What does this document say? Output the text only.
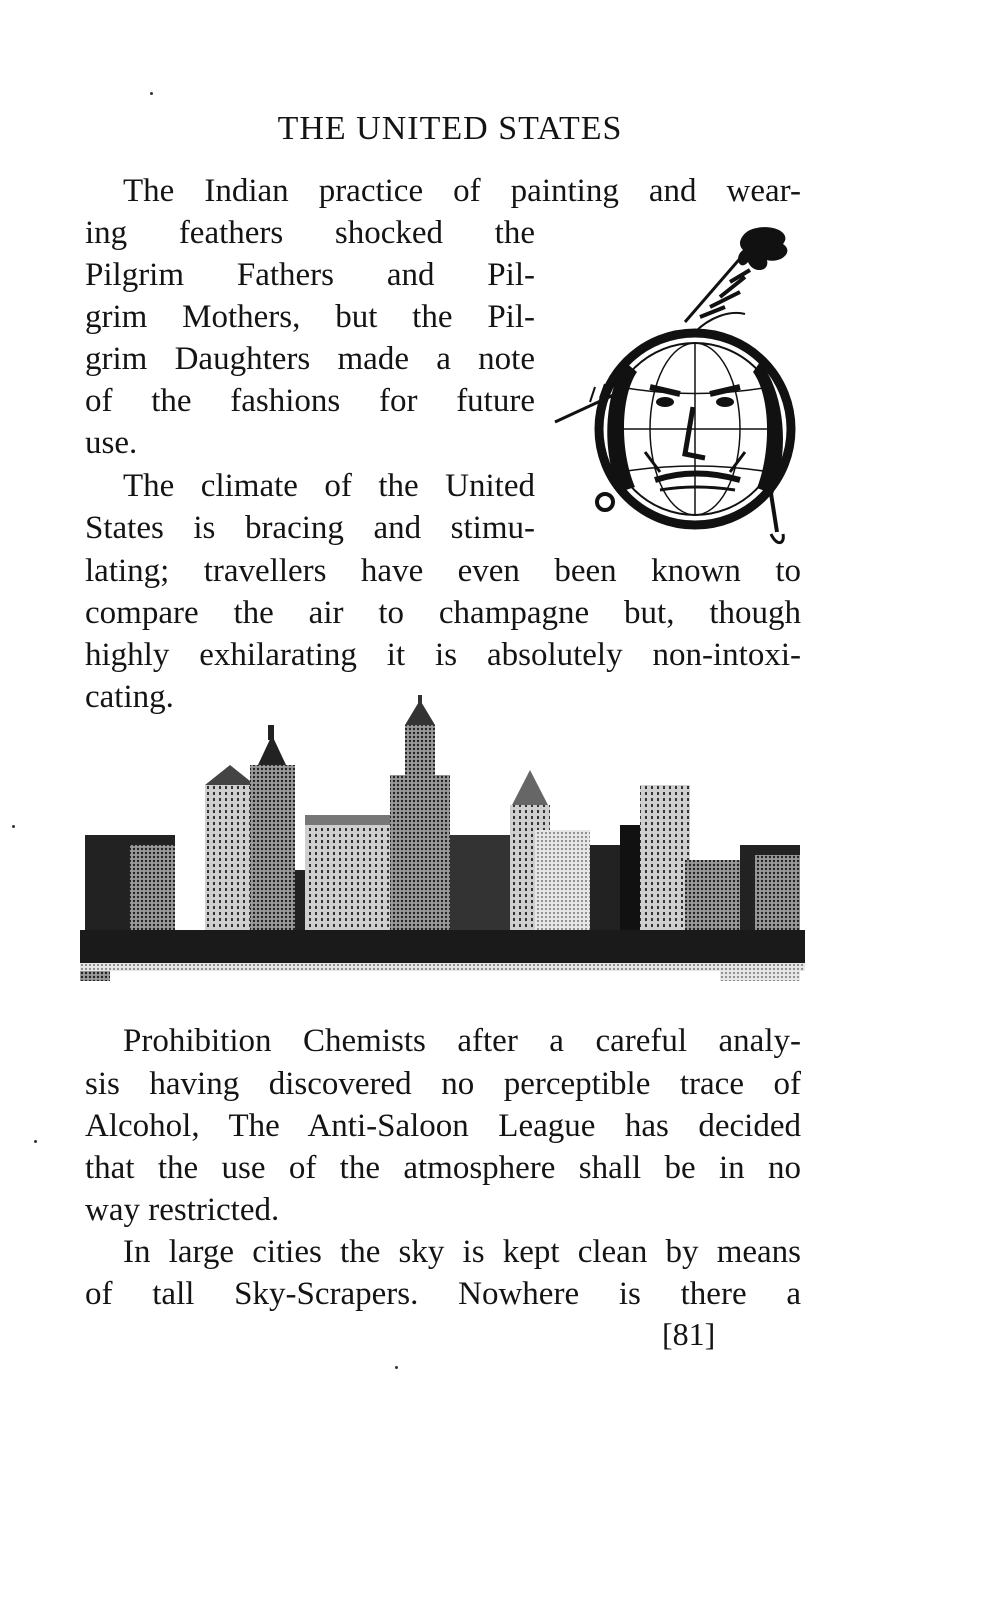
THE UNITED STATES
The Indian practice of painting and wear-
ing feathers shocked the
Pilgrim Fathers and Pil-
grim Mothers, but the Pil-
grim Daughters made a note
of the fashions for future
use.
The climate of the United
States is bracing and stimu-
lating; travellers have even been known to
compare the air to champagne but, though
highly exhilarating it is absolutely non-intoxi-
cating.
Prohibition Chemists after a careful analy-
sis having discovered no perceptible trace of
Alcohol, The Anti-Saloon League has decided
that the use of the atmosphere shall be in no
way restricted.
In large cities the sky is kept clean by means
of tall Sky-Scrapers. Nowhere is there a
[81]
